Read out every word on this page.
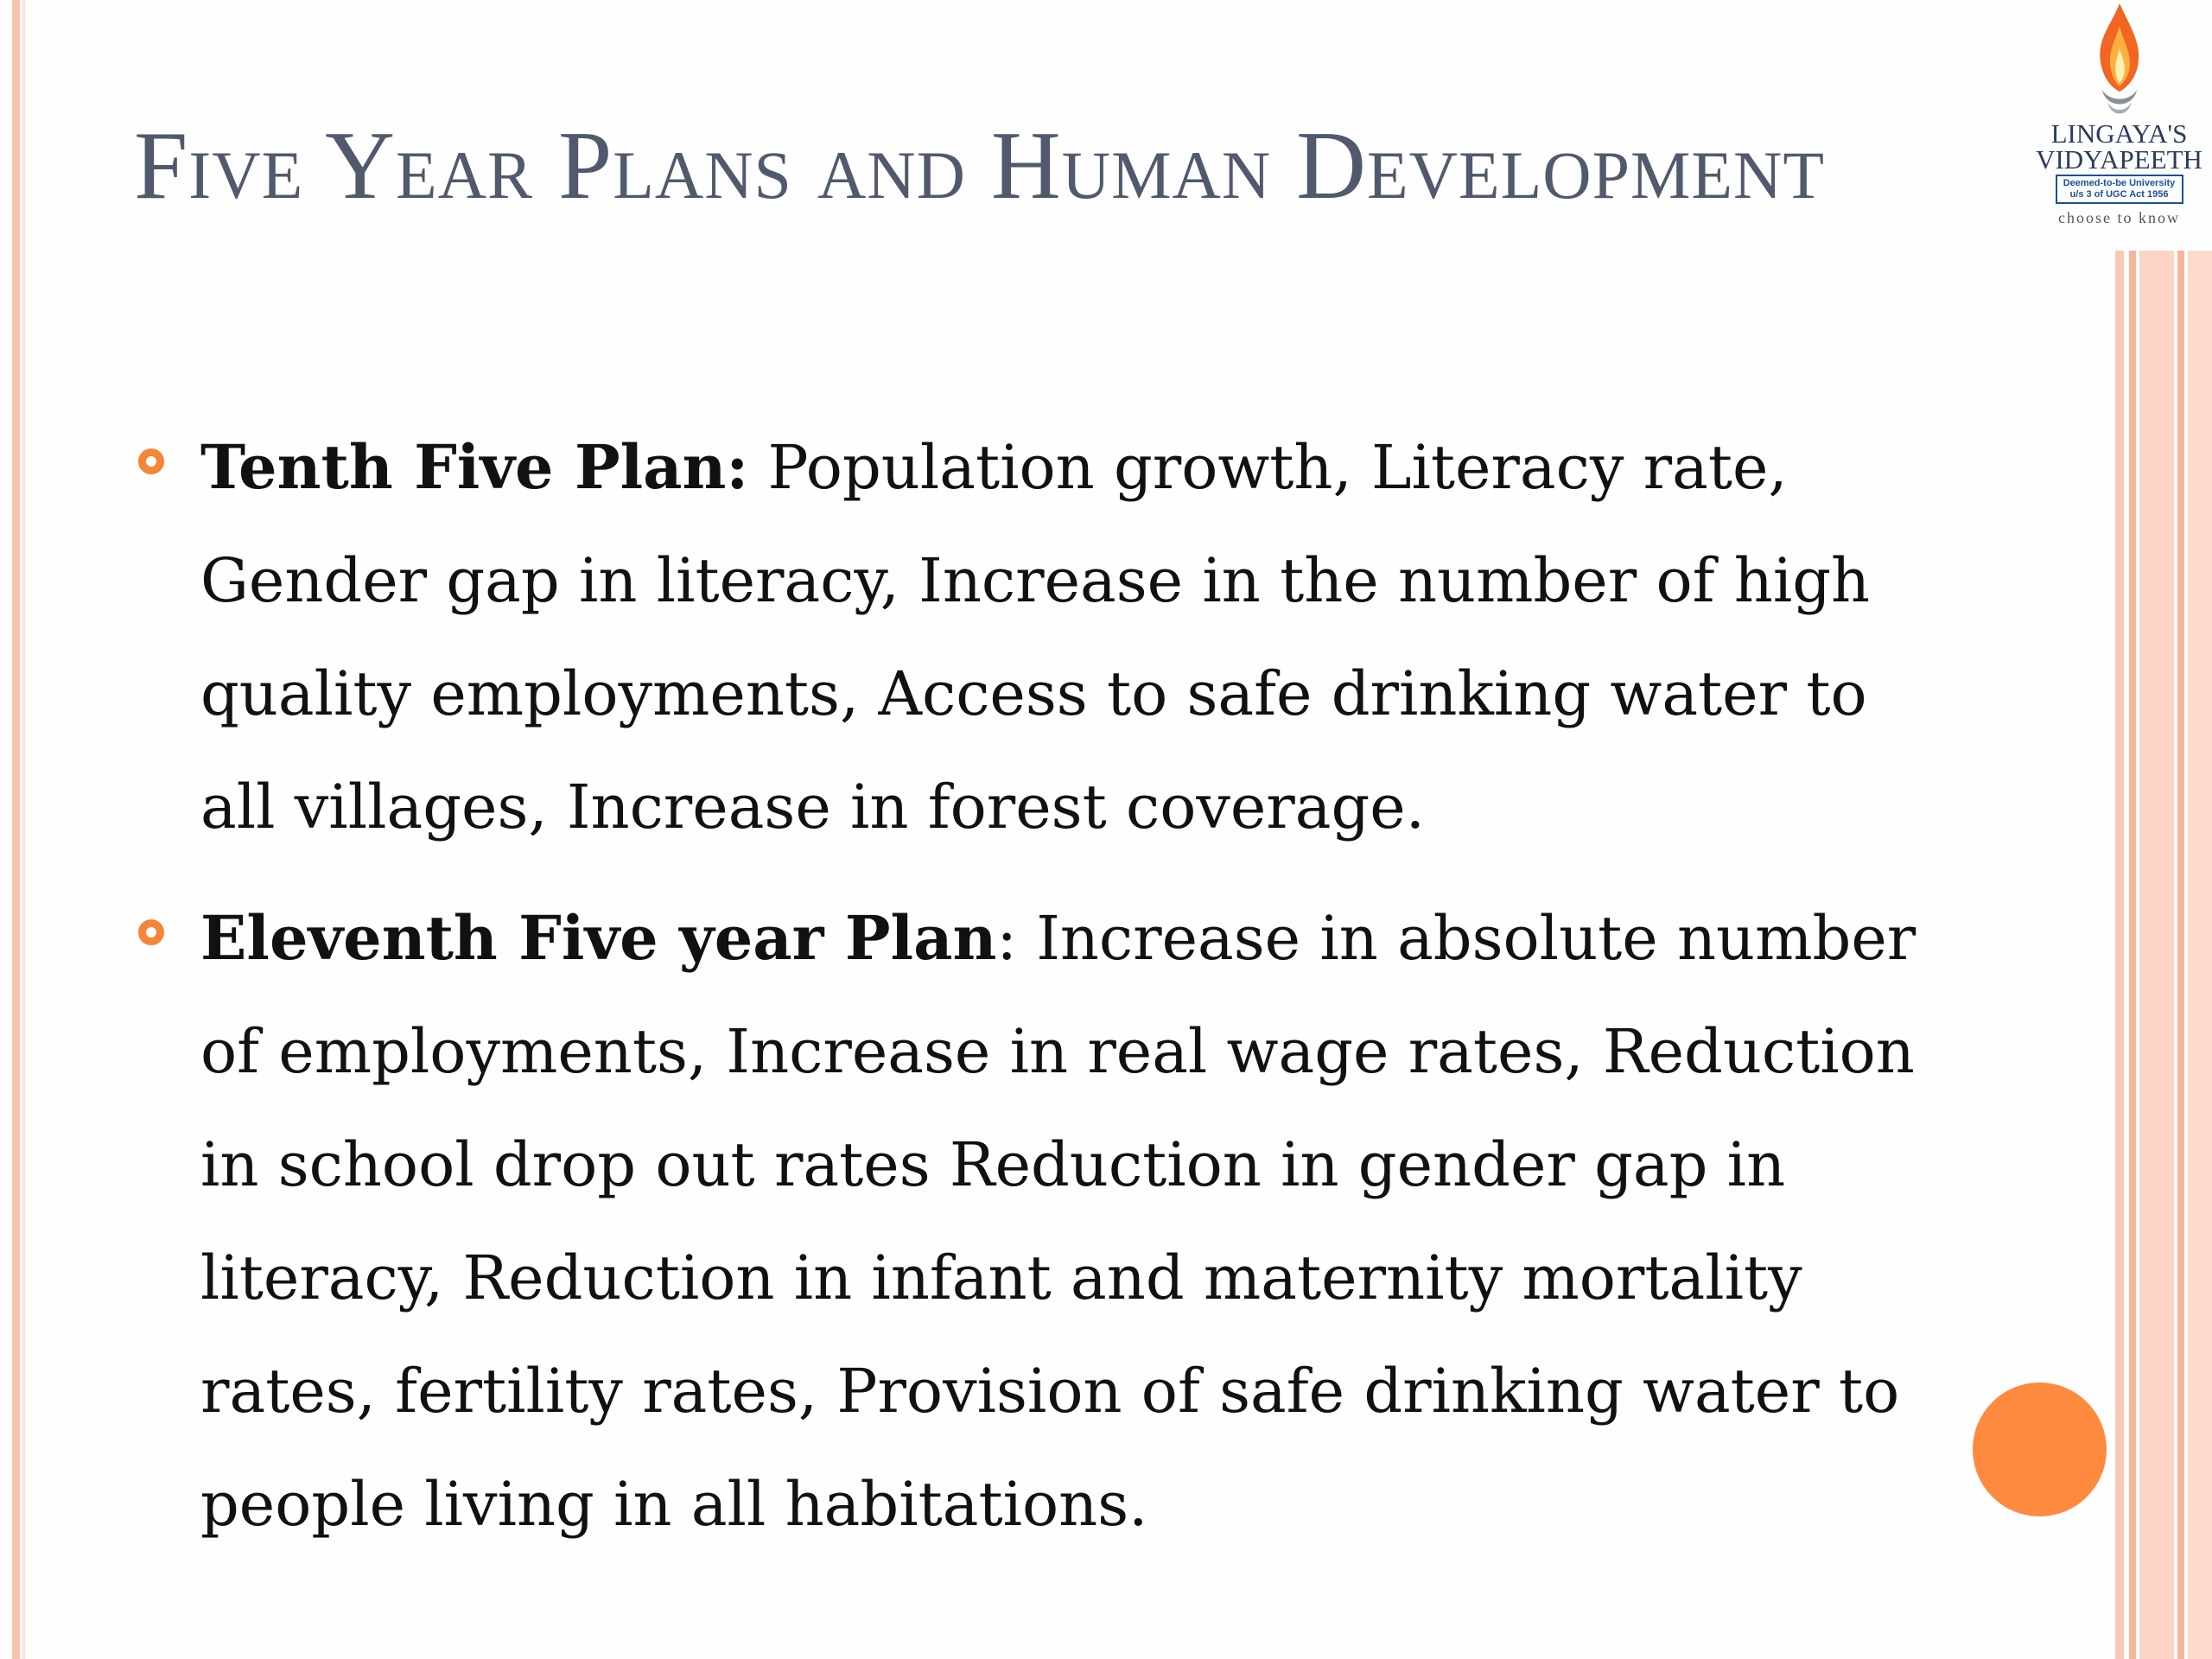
Five Year Plans and Human Development
Tenth Five Plan: Population growth, Literacy rate, Gender gap in literacy, Increase in the number of high quality employments, Access to safe drinking water to all villages, Increase in forest coverage.
Eleventh Five year Plan: Increase in absolute number of employments, Increase in real wage rates, Reduction in school drop out rates Reduction in gender gap in literacy, Reduction in infant and maternity mortality rates, fertility rates, Provision of safe drinking water to people living in all habitations.
LINGAYA'S
VIDYAPEETH
Deemed-to-be University
u/s 3 of UGC Act 1956
choose to know
